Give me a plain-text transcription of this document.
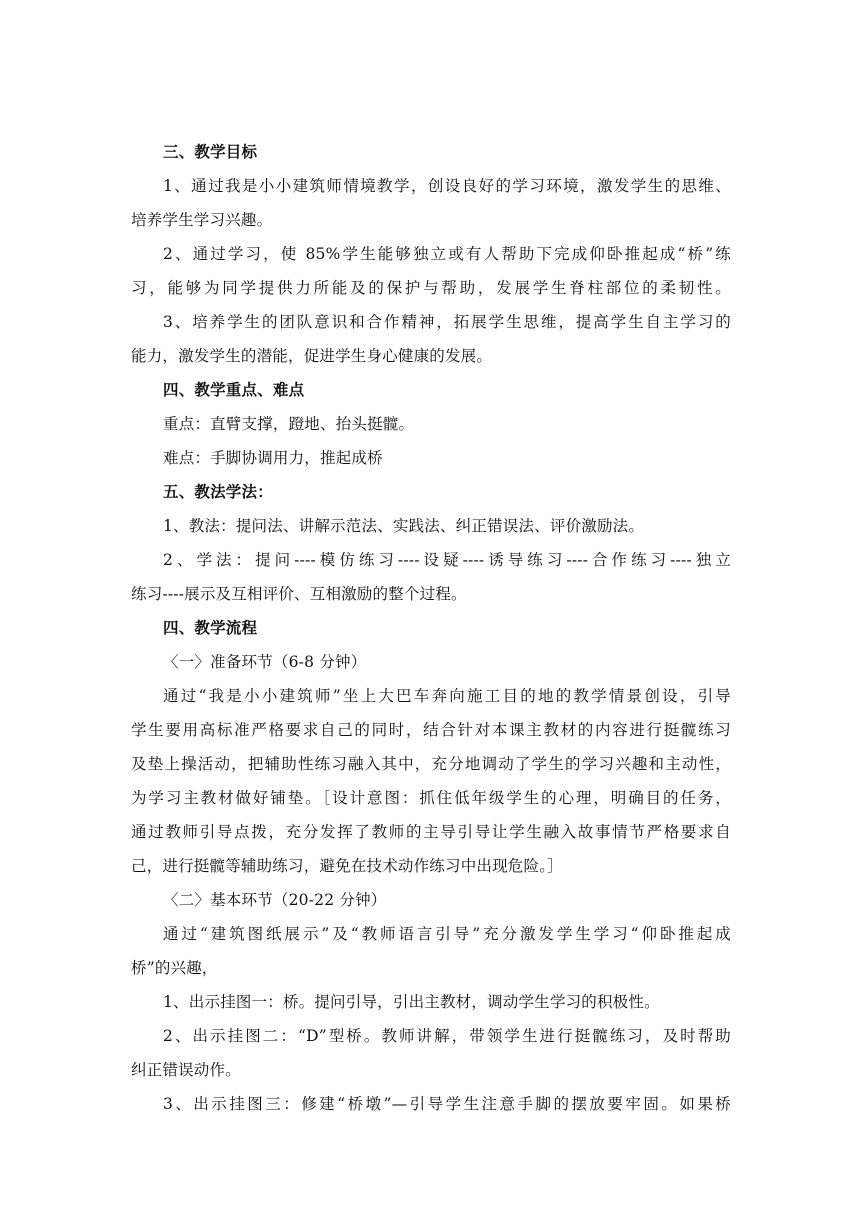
三、教学目标
1、通过我是小小建筑师情境教学，创设良好的学习环境，激发学生的思维、
培养学生学习兴趣。
2、通过学习，使 85%学生能够独立或有人帮助下完成仰卧推起成“桥”练
习，能够为同学提供力所能及的保护与帮助，发展学生脊柱部位的柔韧性。
3、培养学生的团队意识和合作精神，拓展学生思维，提高学生自主学习的
能力，激发学生的潜能，促进学生身心健康的发展。
四、教学重点、难点
重点：直臂支撑，蹬地、抬头挺髋。
难点：手脚协调用力，推起成桥
五、教法学法：
1、教法：提问法、讲解示范法、实践法、纠正错误法、评价激励法。
2、学法：提问----模仿练习----设疑----诱导练习----合作练习----独立
练习----展示及互相评价、互相激励的整个过程。
四、教学流程
〈一〉准备环节（6-8 分钟）
通过“我是小小建筑师”坐上大巴车奔向施工目的地的教学情景创设，引导
学生要用高标准严格要求自己的同时，结合针对本课主教材的内容进行挺髋练习
及垫上操活动，把辅助性练习融入其中，充分地调动了学生的学习兴趣和主动性，
为学习主教材做好铺垫。［设计意图：抓住低年级学生的心理，明确目的任务，
通过教师引导点拨，充分发挥了教师的主导引导让学生融入故事情节严格要求自
己，进行挺髋等辅助练习，避免在技术动作练习中出现危险。］
〈二〉基本环节（20-22 分钟）
通过“建筑图纸展示”及“教师语言引导”充分激发学生学习“仰卧推起成
桥”的兴趣，
1、出示挂图一：桥。提问引导，引出主教材，调动学生学习的积极性。
2、出示挂图二：“D”型桥。教师讲解，带领学生进行挺髋练习，及时帮助
纠正错误动作。
3、出示挂图三：修建“桥墩”—引导学生注意手脚的摆放要牢固。如果桥
